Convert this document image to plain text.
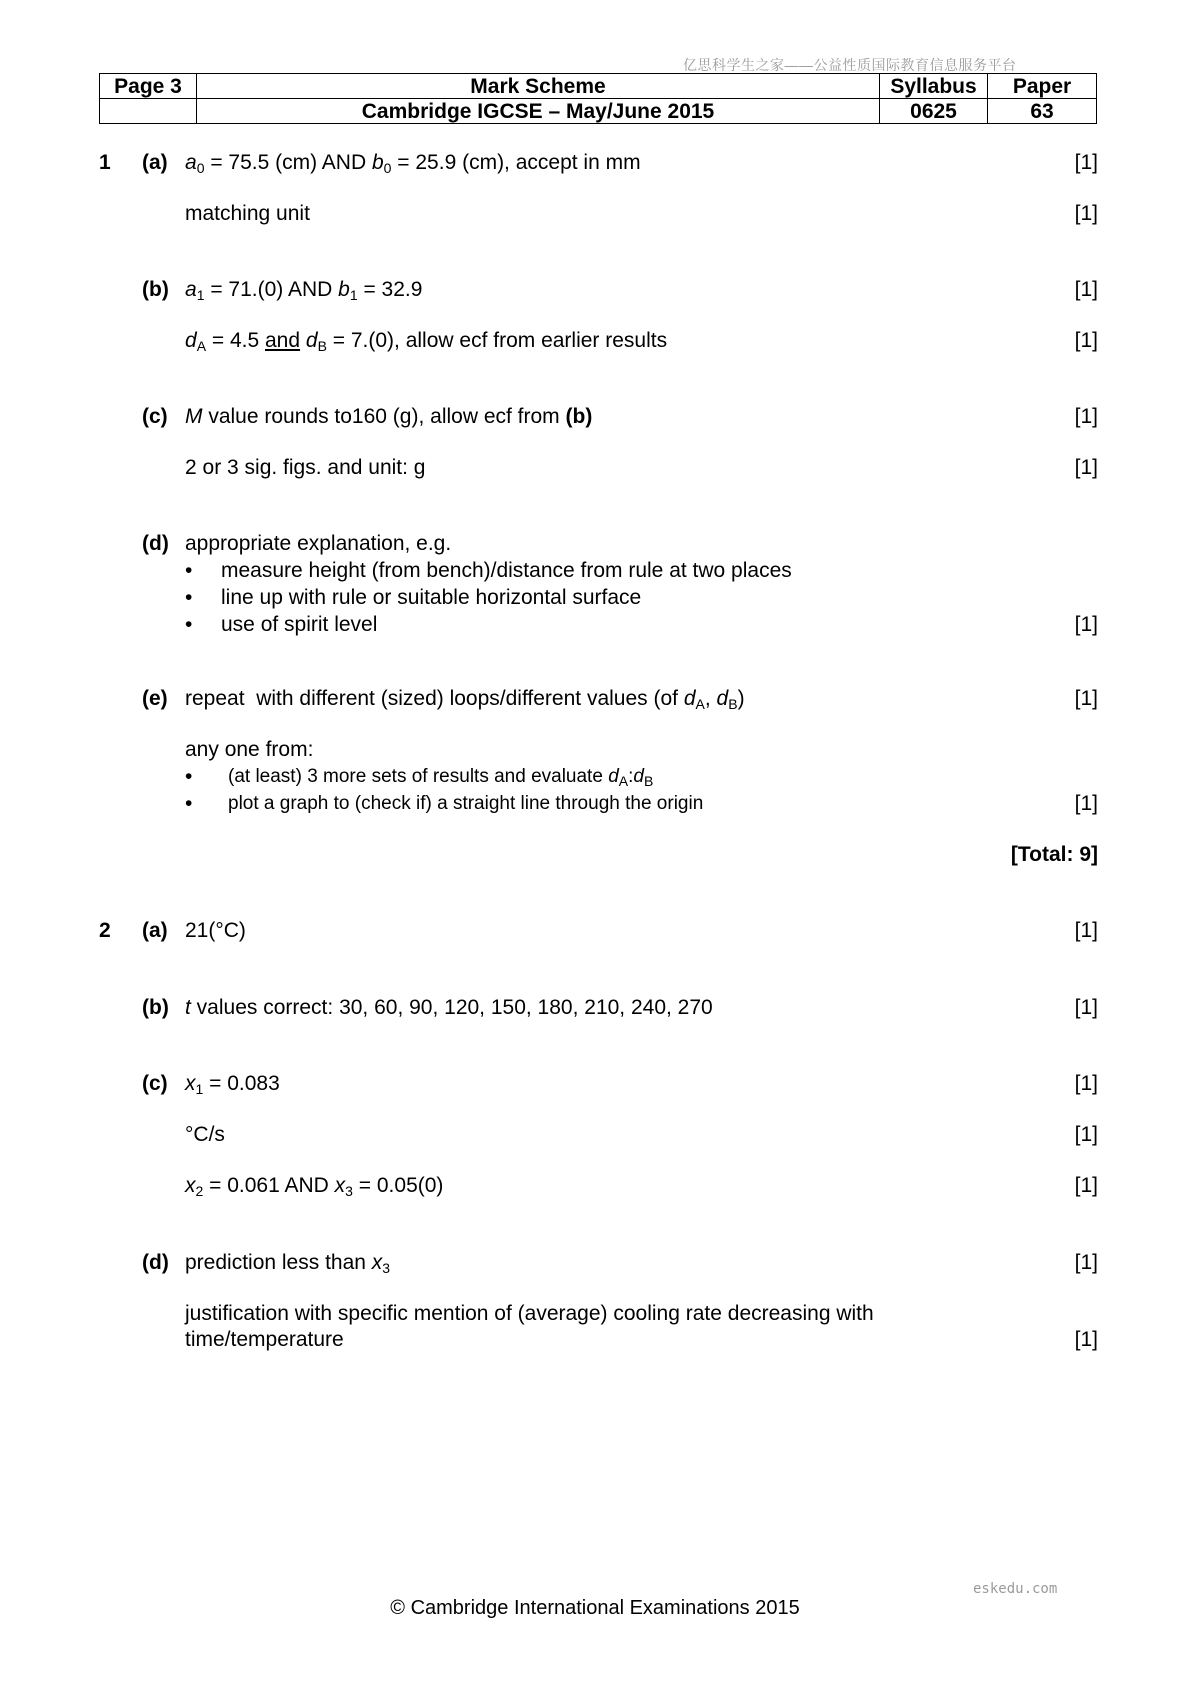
亿思科学生之家——公益性质国际教育信息服务平台
Page 3	Mark Scheme	Syllabus	Paper
	Cambridge IGCSE – May/June 2015	0625	63
1 (a) $a_0 = 75.5$ (cm) AND $b_0 = 25.9$ (cm), accept in mm	[1]
matching unit	[1]
(b) $a_1 = 71.(0)$ AND $b_1 = 32.9$	[1]
$d_A = 4.5$ and $d_B = 7.(0)$, allow ecf from earlier results	[1]
(c) M value rounds to160 (g), allow ecf from (b)	[1]
2 or 3 sig. figs. and unit: g	[1]
(d) appropriate explanation, e.g.
• measure height (from bench)/distance from rule at two places
• line up with rule or suitable horizontal surface
• use of spirit level	[1]
(e) repeat  with different (sized) loops/different values (of $d_A$, $d_B$)	[1]
any one from:
• (at least) 3 more sets of results and evaluate $d_A:d_B$
• plot a graph to (check if) a straight line through the origin	[1]
[Total: 9]
2 (a) 21(°C)	[1]
(b) t values correct: 30, 60, 90, 120, 150, 180, 210, 240, 270	[1]
(c) $x_1 = 0.083$	[1]
°C/s	[1]
$x_2 = 0.061$ AND $x_3 = 0.05(0)$	[1]
(d) prediction less than $x_3$	[1]
justification with specific mention of (average) cooling rate decreasing with
time/temperature	[1]
eskedu.com
© Cambridge International Examinations 2015
